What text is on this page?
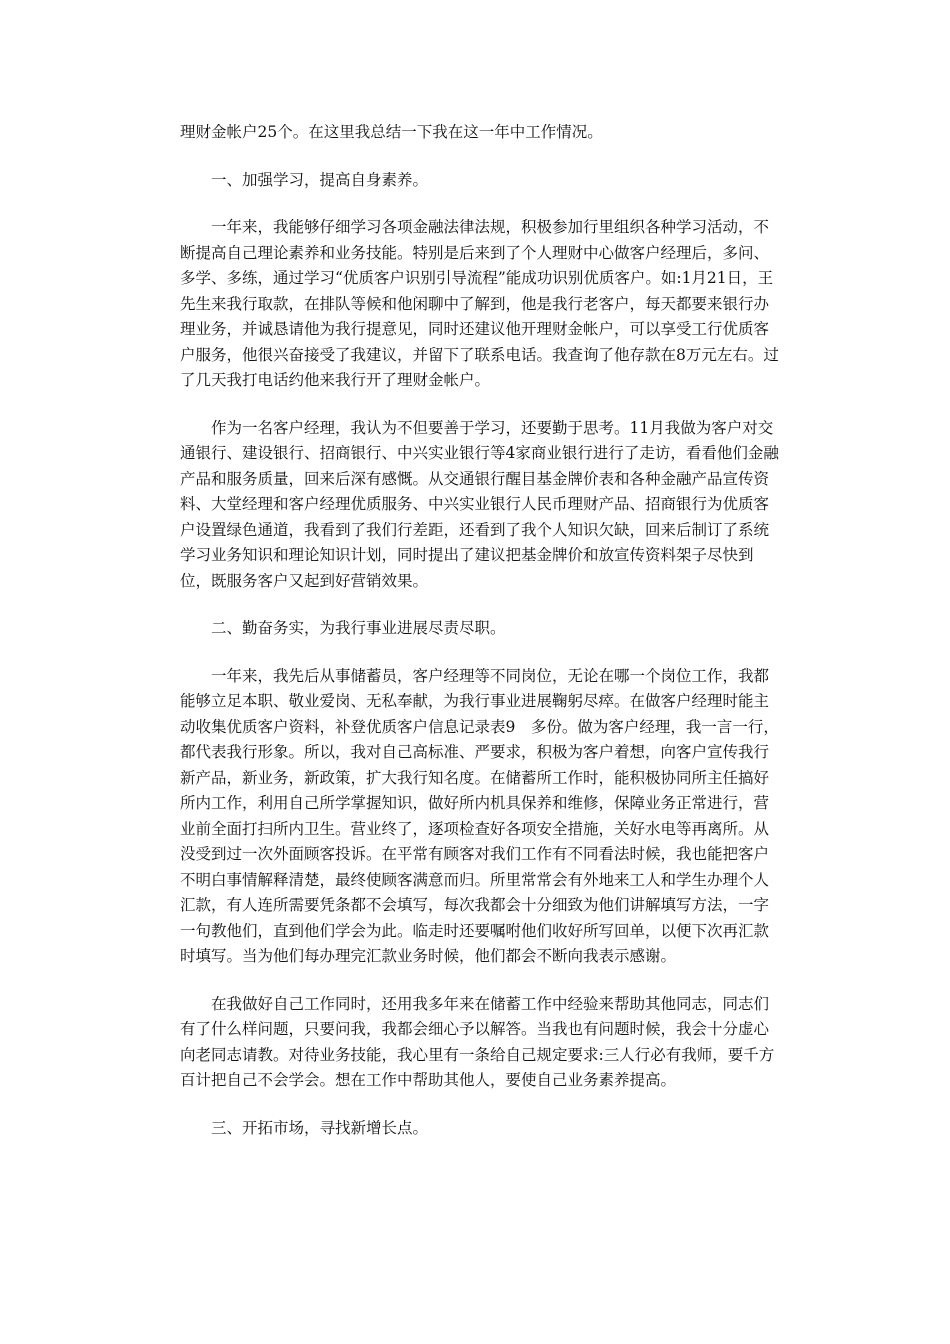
理财金帐户25个。在这里我总结一下我在这一年中工作情况。

　　一、加强学习，提高自身素养。

　　一年来，我能够仔细学习各项金融法律法规，积极参加行里组织各种学习活动，不断提高自己理论素养和业务技能。特别是后来到了个人理财中心做客户经理后，多问、多学、多练，通过学习“优质客户识别引导流程”能成功识别优质客户。如:1月21日，王先生来我行取款，在排队等候和他闲聊中了解到，他是我行老客户，每天都要来银行办理业务，并诚恳请他为我行提意见，同时还建议他开理财金帐户，可以享受工行优质客户服务，他很兴奋接受了我建议，并留下了联系电话。我查询了他存款在8万元左右。过了几天我打电话约他来我行开了理财金帐户。

　　作为一名客户经理，我认为不但要善于学习，还要勤于思考。11月我做为客户对交通银行、建设银行、招商银行、中兴实业银行等4家商业银行进行了走访，看看他们金融产品和服务质量，回来后深有感慨。从交通银行醒目基金牌价表和各种金融产品宣传资料、大堂经理和客户经理优质服务、中兴实业银行人民币理财产品、招商银行为优质客户设置绿色通道，我看到了我们行差距，还看到了我个人知识欠缺，回来后制订了系统学习业务知识和理论知识计划，同时提出了建议把基金牌价和放宣传资料架子尽快到位，既服务客户又起到好营销效果。

　　二、勤奋务实，为我行事业进展尽责尽职。

　　一年来，我先后从事储蓄员，客户经理等不同岗位，无论在哪一个岗位工作，我都能够立足本职、敬业爱岗、无私奉献，为我行事业进展鞠躬尽瘁。在做客户经理时能主动收集优质客户资料，补登优质客户信息记录表9　多份。做为客户经理，我一言一行，都代表我行形象。所以，我对自己高标准、严要求，积极为客户着想，向客户宣传我行新产品，新业务，新政策，扩大我行知名度。在储蓄所工作时，能积极协同所主任搞好所内工作，利用自己所学掌握知识，做好所内机具保养和维修，保障业务正常进行，营业前全面打扫所内卫生。营业终了，逐项检查好各项安全措施，关好水电等再离所。从没受到过一次外面顾客投诉。在平常有顾客对我们工作有不同看法时候，我也能把客户不明白事情解释清楚，最终使顾客满意而归。所里常常会有外地来工人和学生办理个人汇款，有人连所需要凭条都不会填写，每次我都会十分细致为他们讲解填写方法，一字一句教他们，直到他们学会为此。临走时还要嘱咐他们收好所写回单，以便下次再汇款时填写。当为他们每办理完汇款业务时候，他们都会不断向我表示感谢。

　　在我做好自己工作同时，还用我多年来在储蓄工作中经验来帮助其他同志，同志们有了什么样问题，只要问我，我都会细心予以解答。当我也有问题时候，我会十分虚心向老同志请教。对待业务技能，我心里有一条给自己规定要求:三人行必有我师，要千方百计把自己不会学会。想在工作中帮助其他人，要使自己业务素养提高。

　　三、开拓市场，寻找新增长点。
